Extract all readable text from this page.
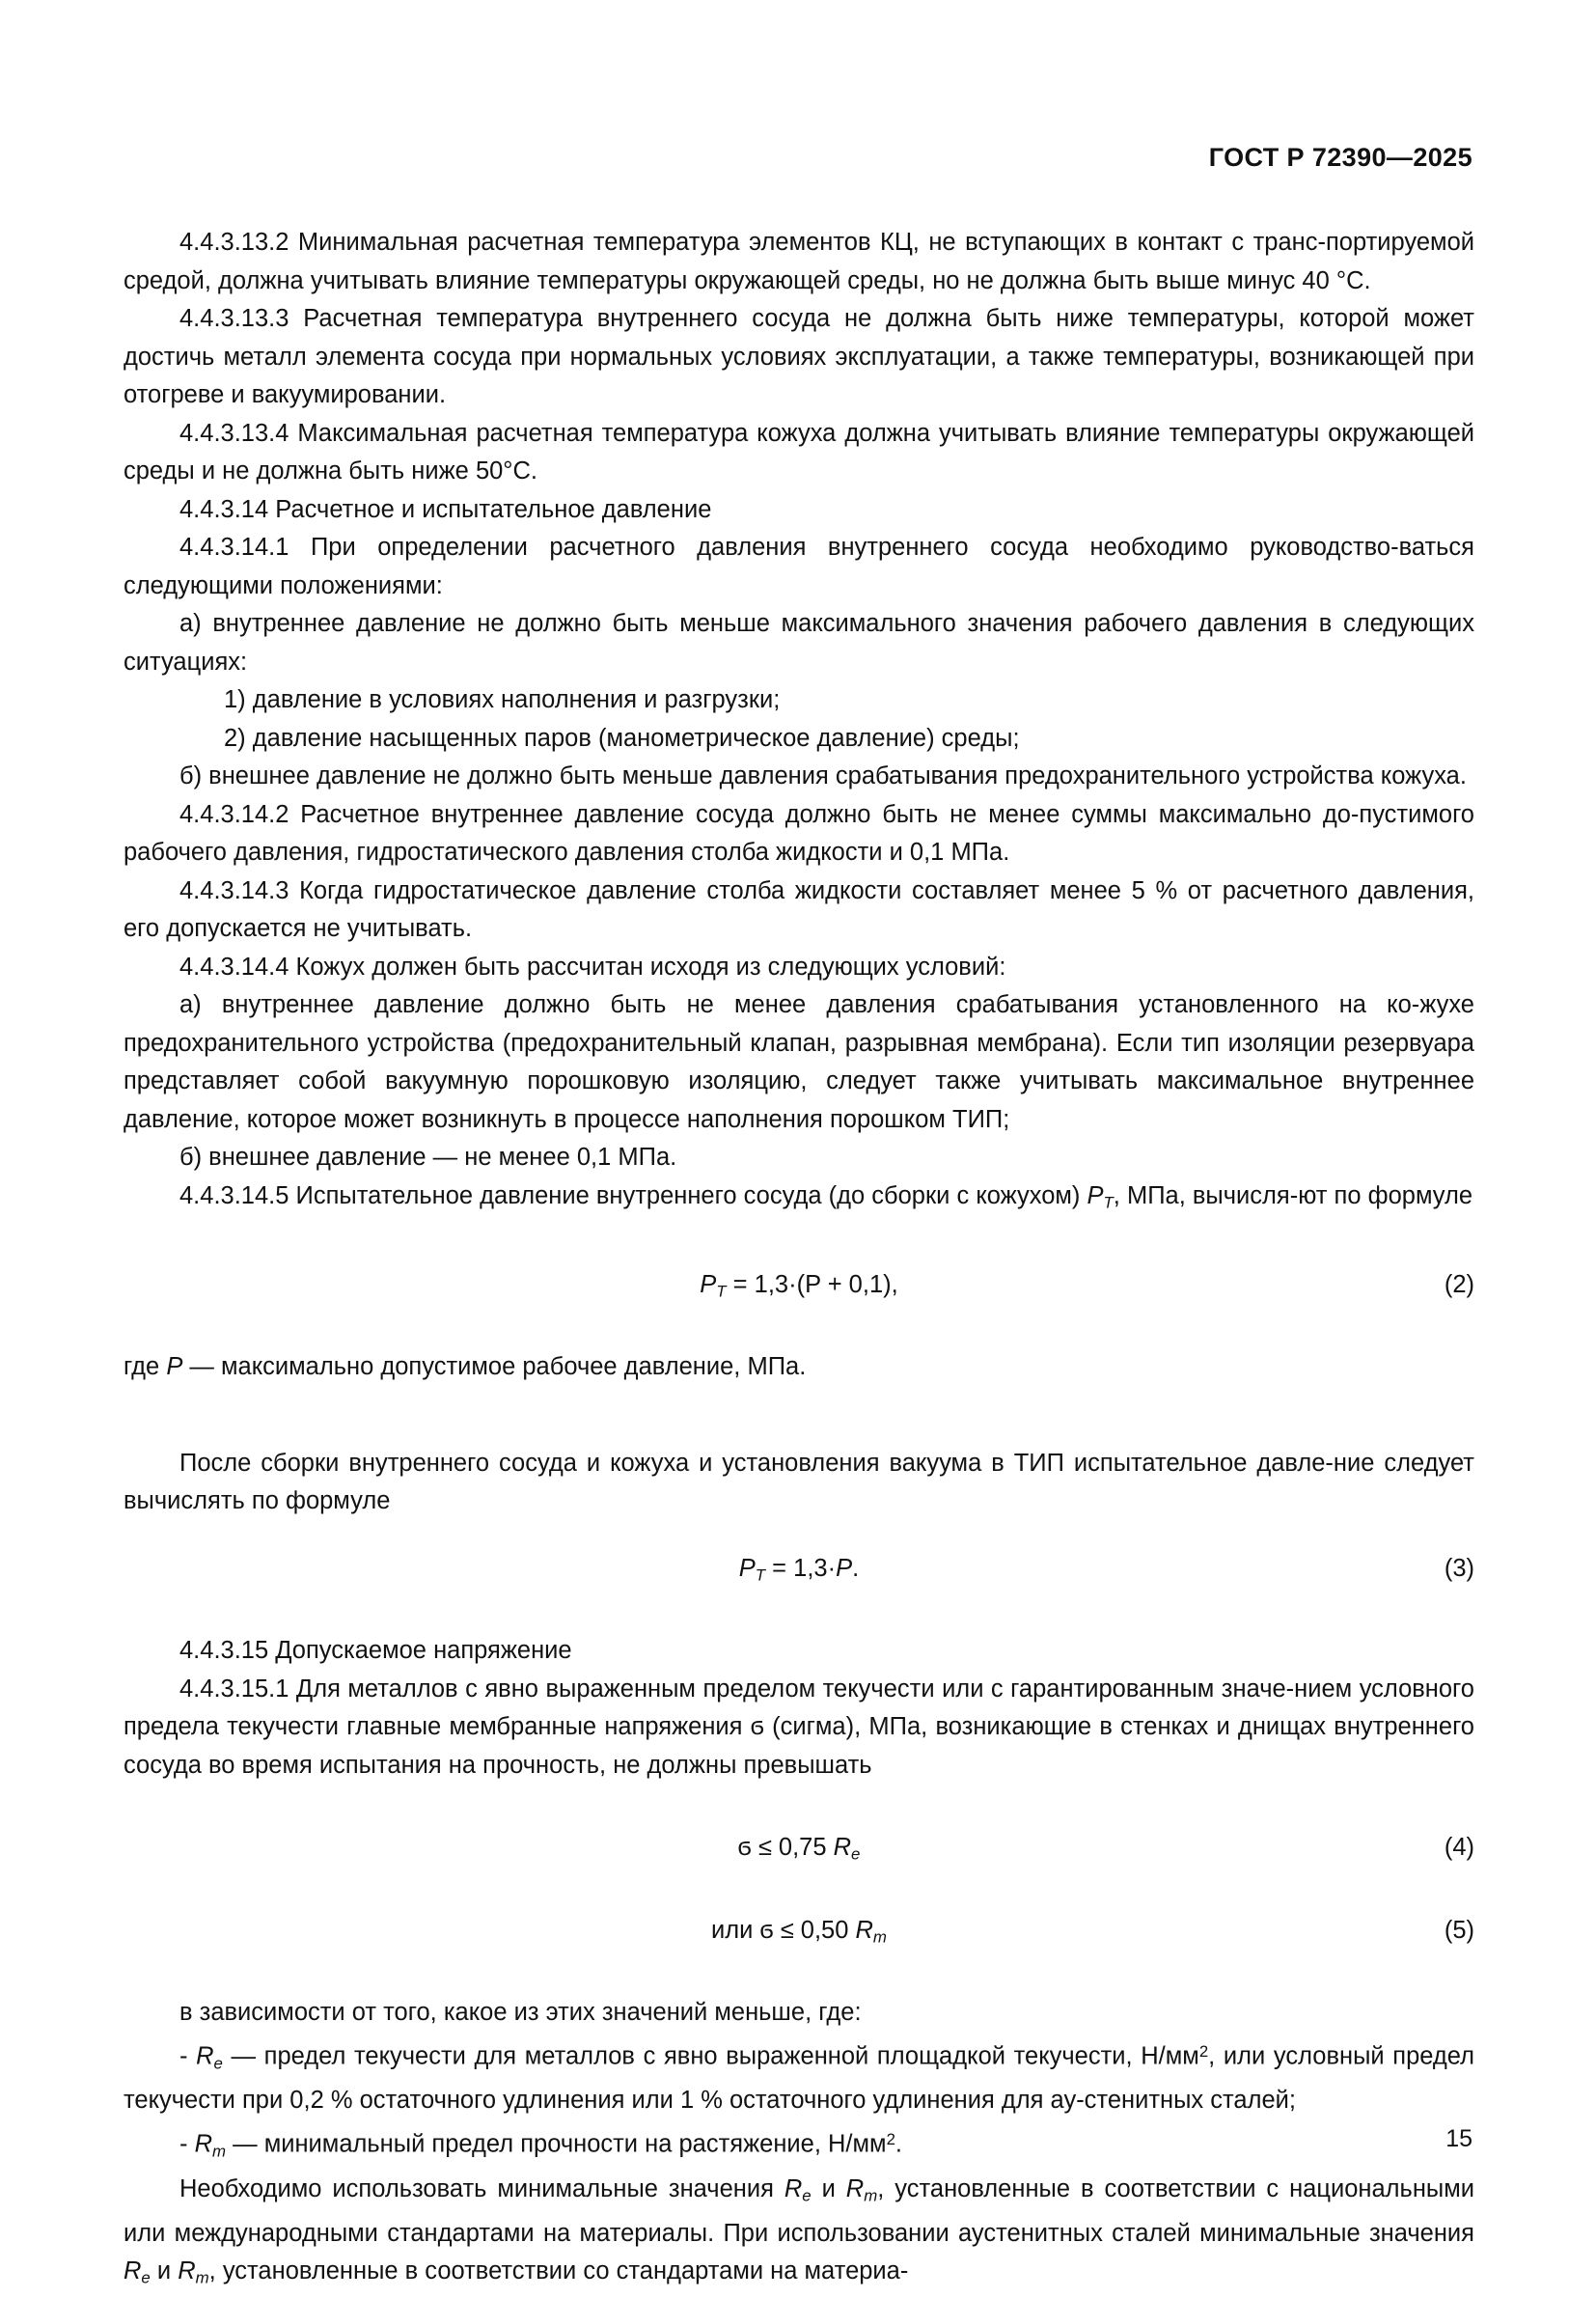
ГОСТ Р 72390—2025

4.4.3.13.2 Минимальная расчетная температура элементов КЦ, не вступающих в контакт с транс-портируемой средой, должна учитывать влияние температуры окружающей среды, но не должна быть выше минус 40 °С.

4.4.3.13.3 Расчетная температура внутреннего сосуда не должна быть ниже температуры, которой может достичь металл элемента сосуда при нормальных условиях эксплуатации, а также температуры, возникающей при отогреве и вакуумировании.

4.4.3.13.4 Максимальная расчетная температура кожуха должна учитывать влияние температуры окружающей среды и не должна быть ниже 50°С.

4.4.3.14 Расчетное и испытательное давление

4.4.3.14.1 При определении расчетного давления внутреннего сосуда необходимо руководство-ваться следующими положениями:

а) внутреннее давление не должно быть меньше максимального значения рабочего давления в следующих ситуациях:

1) давление в условиях наполнения и разгрузки;

2) давление насыщенных паров (манометрическое давление) среды;

б) внешнее давление не должно быть меньше давления срабатывания предохранительного устройства кожуха.

4.4.3.14.2 Расчетное внутреннее давление сосуда должно быть не менее суммы максимально до-пустимого рабочего давления, гидростатического давления столба жидкости и 0,1 МПа.

4.4.3.14.3 Когда гидростатическое давление столба жидкости составляет менее 5 % от расчетного давления, его допускается не учитывать.

4.4.3.14.4 Кожух должен быть рассчитан исходя из следующих условий:

а) внутреннее давление должно быть не менее давления срабатывания установленного на ко-жухе предохранительного устройства (предохранительный клапан, разрывная мембрана). Если тип изоляции резервуара представляет собой вакуумную порошковую изоляцию, следует также учитывать максимальное внутреннее давление, которое может возникнуть в процессе наполнения порошком ТИП;

б) внешнее давление — не менее 0,1 МПа.

4.4.3.14.5 Испытательное давление внутреннего сосуда (до сборки с кожухом) $P_T$, МПа, вычисля-ют по формуле

$P_T = 1,3\cdot(P + 0,1)$,	(2)

где P — максимально допустимое рабочее давление, МПа.

После сборки внутреннего сосуда и кожуха и установления вакуума в ТИП испытательное давле-ние следует вычислять по формуле

$P_T = 1,3\cdot P$.	(3)

4.4.3.15 Допускаемое напряжение

4.4.3.15.1 Для металлов с явно выраженным пределом текучести или с гарантированным значе-нием условного предела текучести главные мембранные напряжения ϭ (сигма), МПа, возникающие в стенках и днищах внутреннего сосуда во время испытания на прочность, не должны превышать

ϭ ≤ 0,75 $R_e$	(4)
или ϭ ≤ 0,50 $R_m$	(5)

в зависимости от того, какое из этих значений меньше, где:

- $R_e$ — предел текучести для металлов с явно выраженной площадкой текучести, $Н/мм^2$, или условный предел текучести при 0,2 % остаточного удлинения или 1 % остаточного удлинения для ау-стенитных сталей;

- $R_m$ — минимальный предел прочности на растяжение, $Н/мм^2$.

Необходимо использовать минимальные значения $R_e$ и $R_m$, установленные в соответствии с национальными или международными стандартами на материалы. При использовании аустенитных сталей минимальные значения $R_e$ и $R_m$, установленные в соответствии со стандартами на материа-

15
